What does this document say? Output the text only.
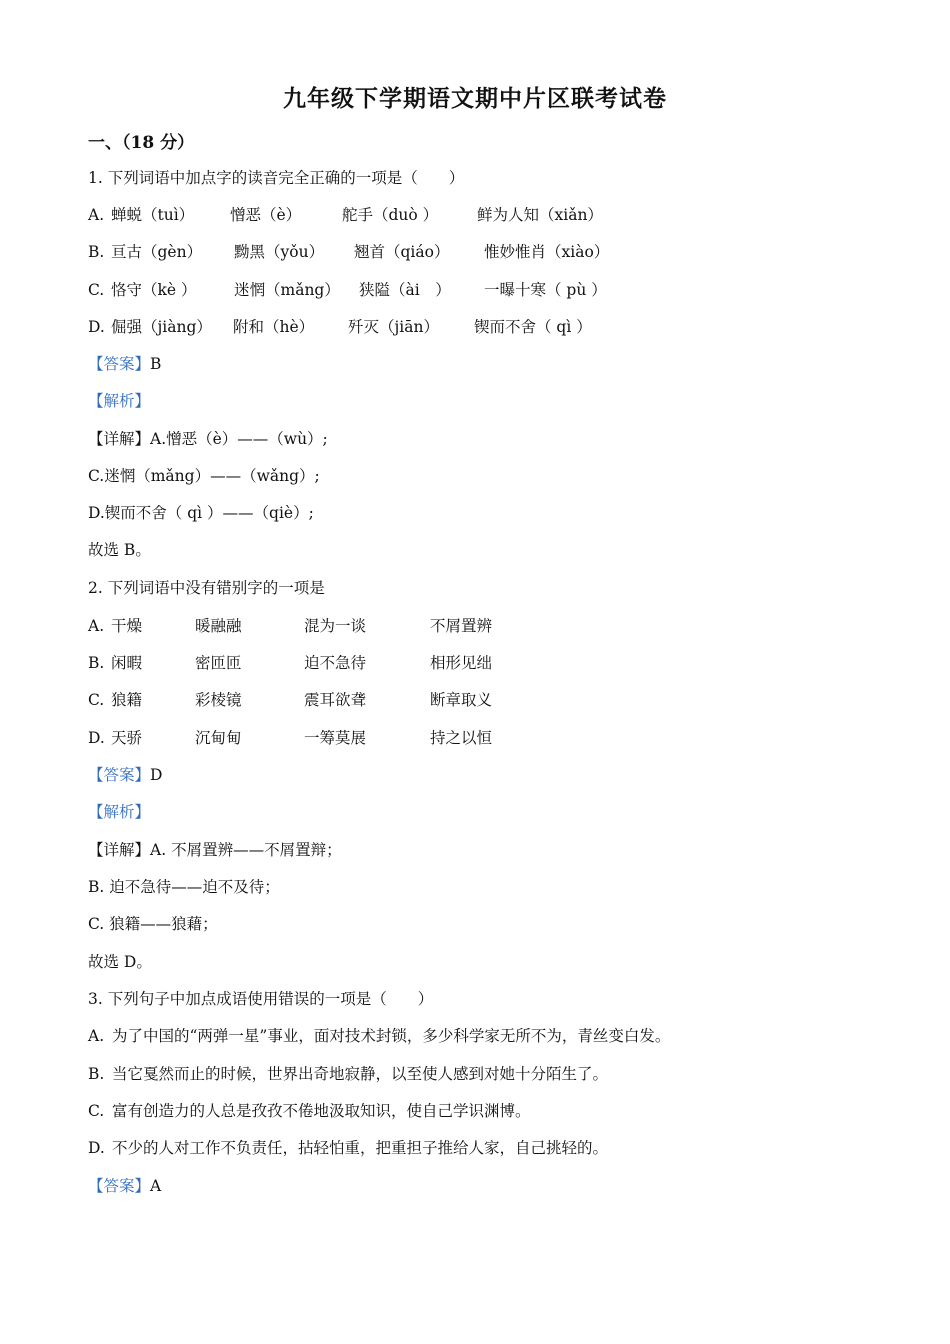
九年级下学期语文期中片区联考试卷
一、（18 分）
1. 下列词语中加点字的读音完全正确的一项是（　　）
A. 蝉蜕（tuì） 憎恶（è）	舵手（duò ）	鲜为人知（xiǎn）
B. 亘古（gèn） 黝黑（yǒu） 翘首（qiáo） 惟妙惟肖（xiào）
C. 恪守（kè ） 迷惘（mǎng） 狭隘（ài　） 一曝十寒（ pù ）
D. 倔强（jiàng） 附和（hè） 歼灭（jiān） 锲而不舍（ qì ）
【答案】B
【解析】
【详解】A.憎恶（è）——（wù）;
C.迷惘（mǎng）——（wǎng）;
D.锲而不舍（ qì ）——（qiè）;
故选 B。
2. 下列词语中没有错别字的一项是
A. 干燥	暖融融	混为一谈	不屑置辨
B. 闲暇	密匝匝	迫不急待	相形见绌
C. 狼籍	彩棱镜	震耳欲聋	断章取义
D. 天骄	沉甸甸	一筹莫展	持之以恒
【答案】D
【解析】
【详解】A. 不屑置辨——不屑置辩；
B. 迫不急待——迫不及待；
C. 狼籍——狼藉；
故选 D。
3. 下列句子中加点成语使用错误的一项是（　　）
A. 为了中国的“两弹一星”事业，面对技术封锁，多少科学家无所不为，青丝变白发。
B. 当它戛然而止的时候，世界出奇地寂静，以至使人感到对她十分陌生了。
C. 富有创造力的人总是孜孜不倦地汲取知识，使自己学识渊博。
D. 不少的人对工作不负责任，拈轻怕重，把重担子推给人家，自己挑轻的。
【答案】A
